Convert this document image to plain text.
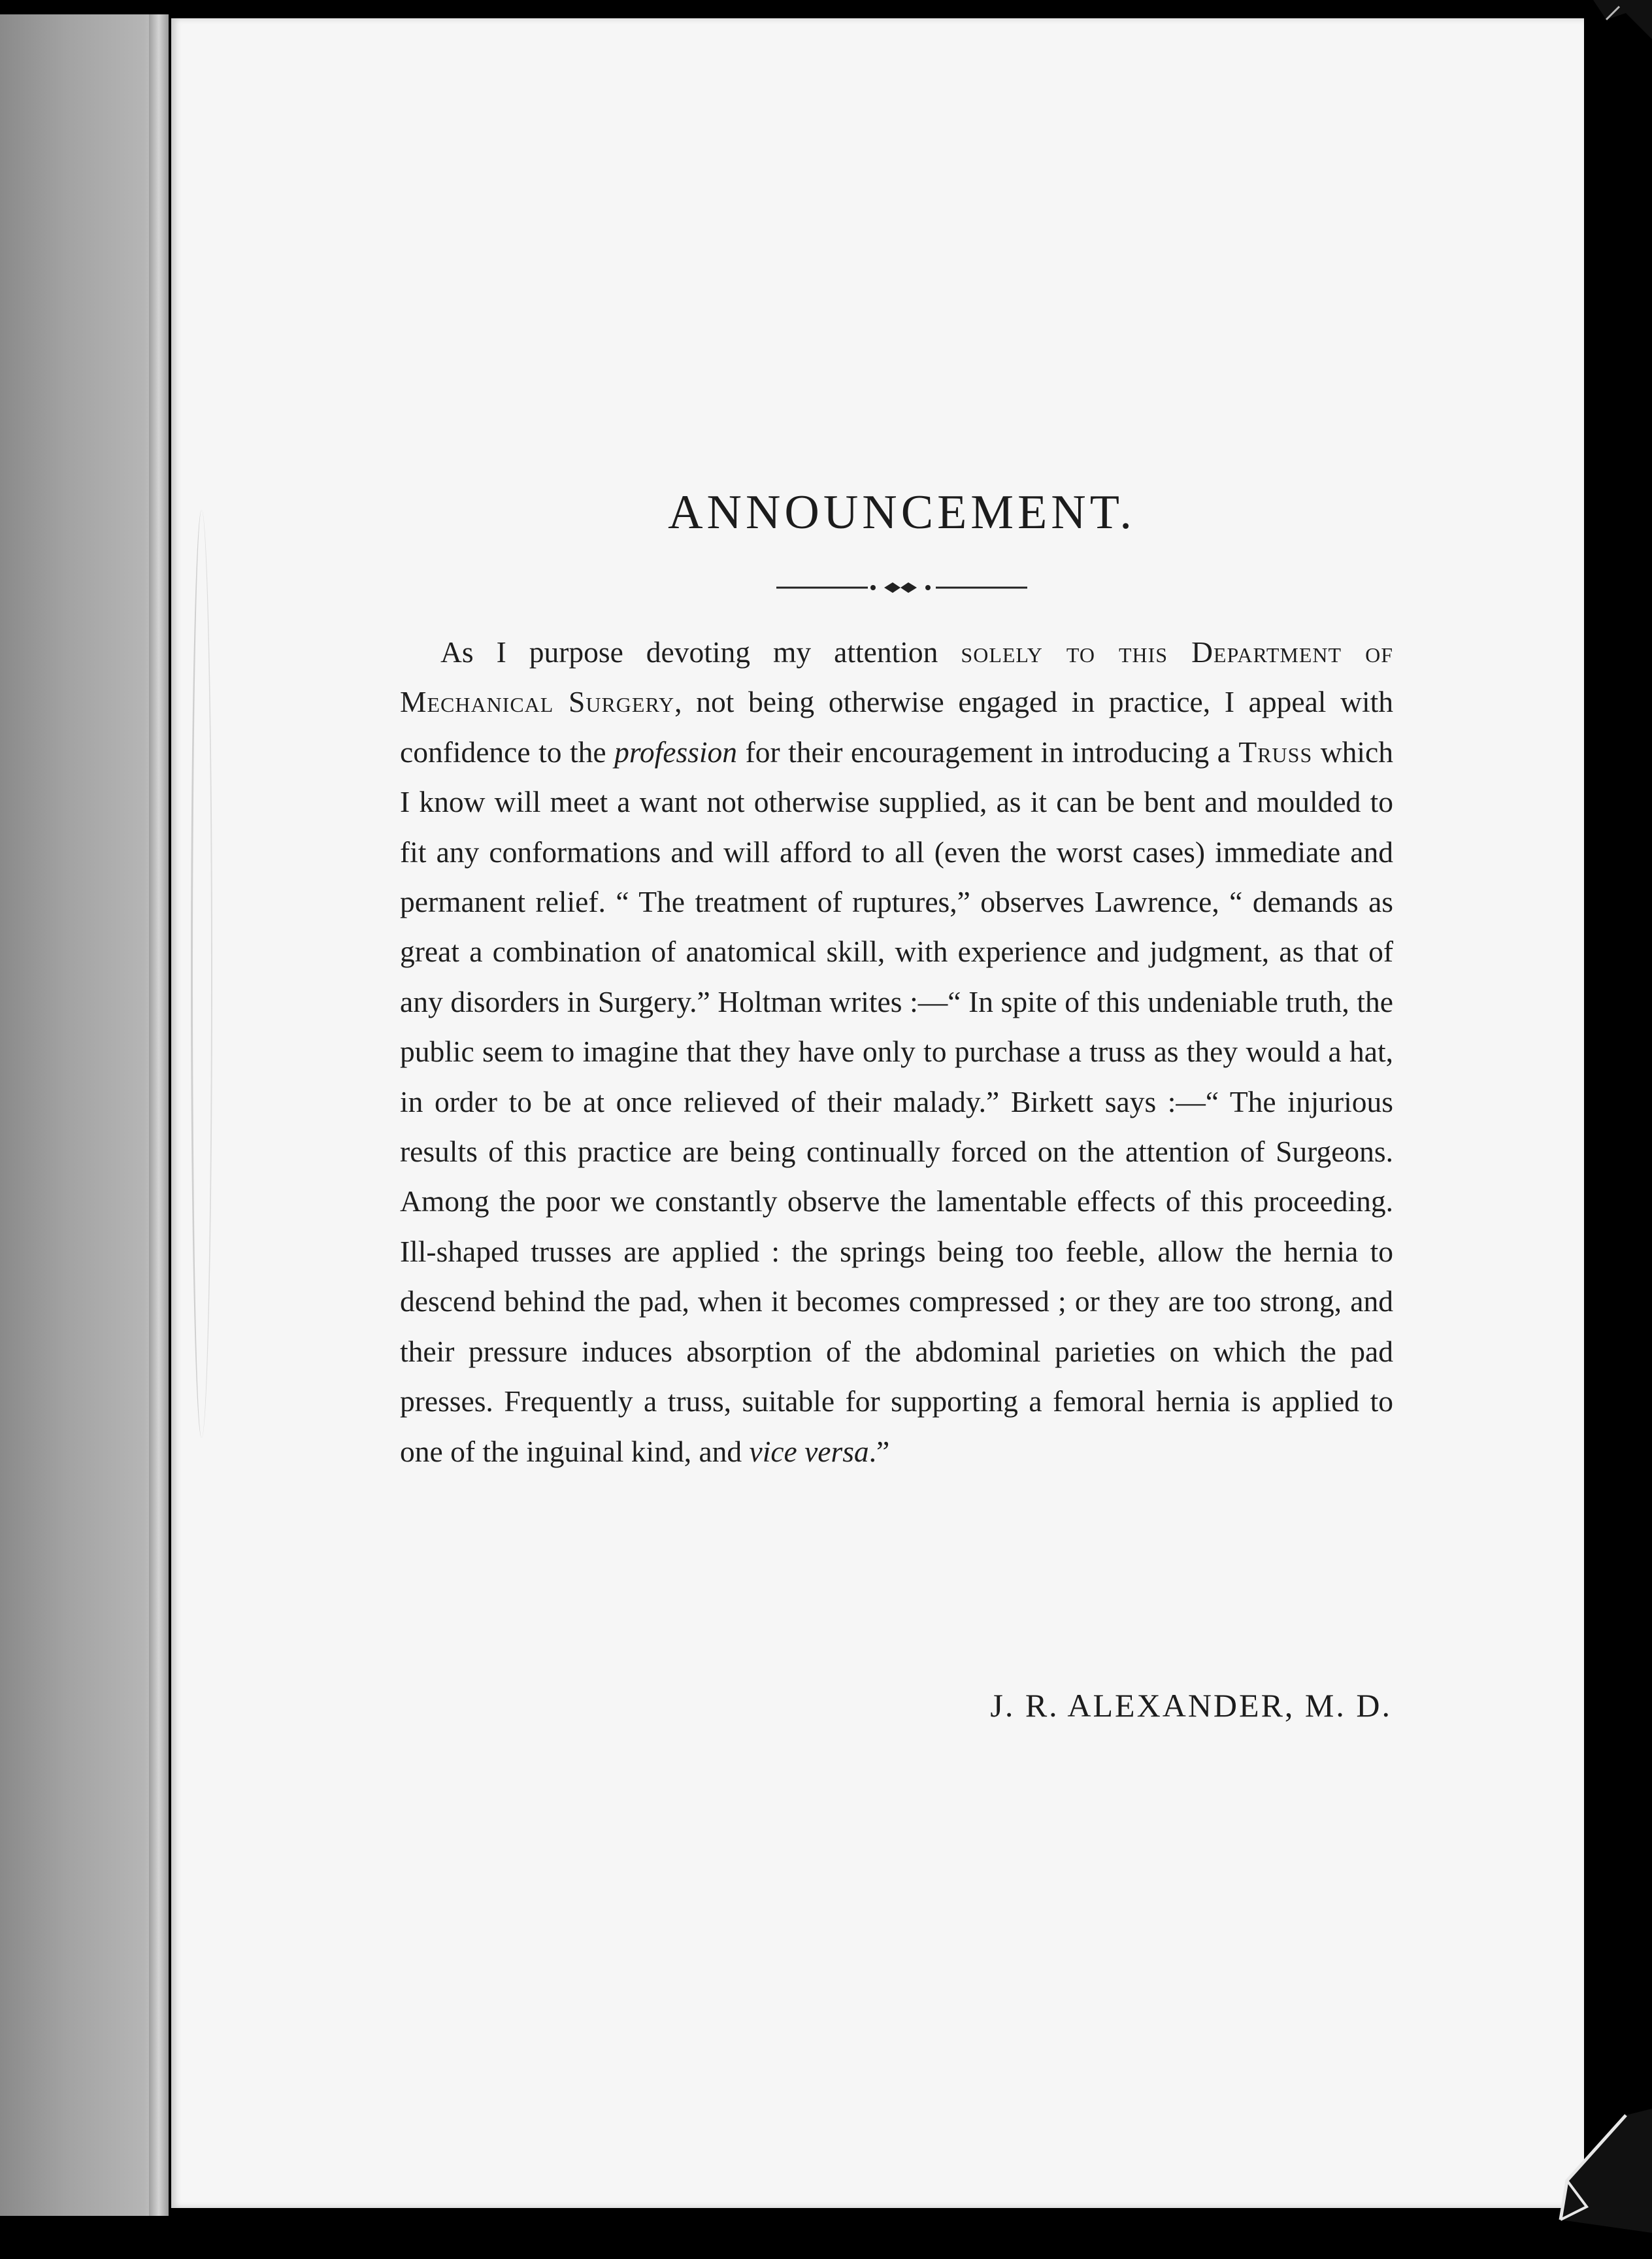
ANNOUNCEMENT.

As I purpose devoting my attention solely to this Department of Mechanical Surgery, not being otherwise engaged in practice, I appeal with confidence to the profession for their encouragement in introducing a Truss which I know will meet a want not otherwise supplied, as it can be bent and moulded to fit any conformations and will afford to all (even the worst cases) immediate and permanent relief. “ The treatment of ruptures,” observes Lawrence, “ demands as great a combination of anatomical skill, with experience and judgment, as that of any disorders in Surgery.” Holtman writes :—“ In spite of this undeniable truth, the public seem to imagine that they have only to purchase a truss as they would a hat, in order to be at once relieved of their malady.” Birkett says :—“ The injurious results of this practice are being continually forced on the attention of Surgeons. Among the poor we constantly observe the lamentable effects of this proceeding. Ill-shaped trusses are applied : the springs being too feeble, allow the hernia to descend behind the pad, when it becomes compressed ; or they are too strong, and their pressure induces absorption of the abdominal parieties on which the pad presses. Frequently a truss, suitable for supporting a femoral hernia is applied to one of the inguinal kind, and vice versa.”

J. R. ALEXANDER, M. D.
